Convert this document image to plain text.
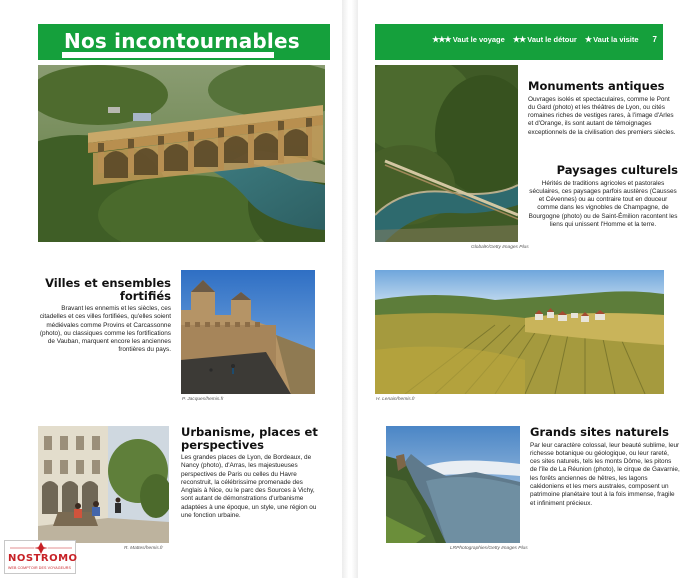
Nos incontournables
Villes et ensembles fortifiés

Bravant les ennemis et les siècles, ces citadelles et ces villes fortifiées, qu'elles soient médiévales comme Provins et Carcassonne (photo), ou classiques comme les fortifications de Vauban, marquent encore les anciennes frontières du pays.

P. Jacques/hemis.fr
R. Mattes/hemis.fr
Urbanisme, places et perspectives

Les grandes places de Lyon, de Bordeaux, de Nancy (photo), d'Arras, les majestueuses perspectives de Paris ou celles du Havre reconstruit, la célébrissime promenade des Anglais à Nice, ou le parc des Sources à Vichy, sont autant de démonstrations d'urbanisme adaptées à une époque, un style, une région ou une fonction urbaine.

NOSTROMO
WEB COMPTOIR DES VOYAGEURS
★★★ Vaut le voyage ★★ Vaut le détour ★ Vaut la visite 7
GlobalK/Getty Images Plus
Monuments antiques

Ouvrages isolés et spectaculaires, comme le Pont du Gard (photo) et les théâtres de Lyon, ou cités romaines riches de vestiges rares, à l'image d'Arles et d'Orange, ils sont autant de témoignages exceptionnels de la civilisation des premiers siècles.

Paysages culturels

Hérités de traditions agricoles et pastorales séculaires, ces paysages parfois austères (Causses et Cévennes) ou au contraire tout en douceur comme dans les vignobles de Champagne, de Bourgogne (photo) ou de Saint-Émilion racontent les liens qui unissent l'Homme et la terre.

H. Lenain/hemis.fr
LRPhotographies/Getty Images Plus
Grands sites naturels

Par leur caractère colossal, leur beauté sublime, leur richesse botanique ou géologique, ou leur rareté, ces sites naturels, tels les monts Dôme, les pitons de l'île de La Réunion (photo), le cirque de Gavarnie, les forêts anciennes de hêtres, les lagons calédoniens et les mers australes, composent un patrimoine planétaire tout à la fois immense, fragile et infiniment précieux.
